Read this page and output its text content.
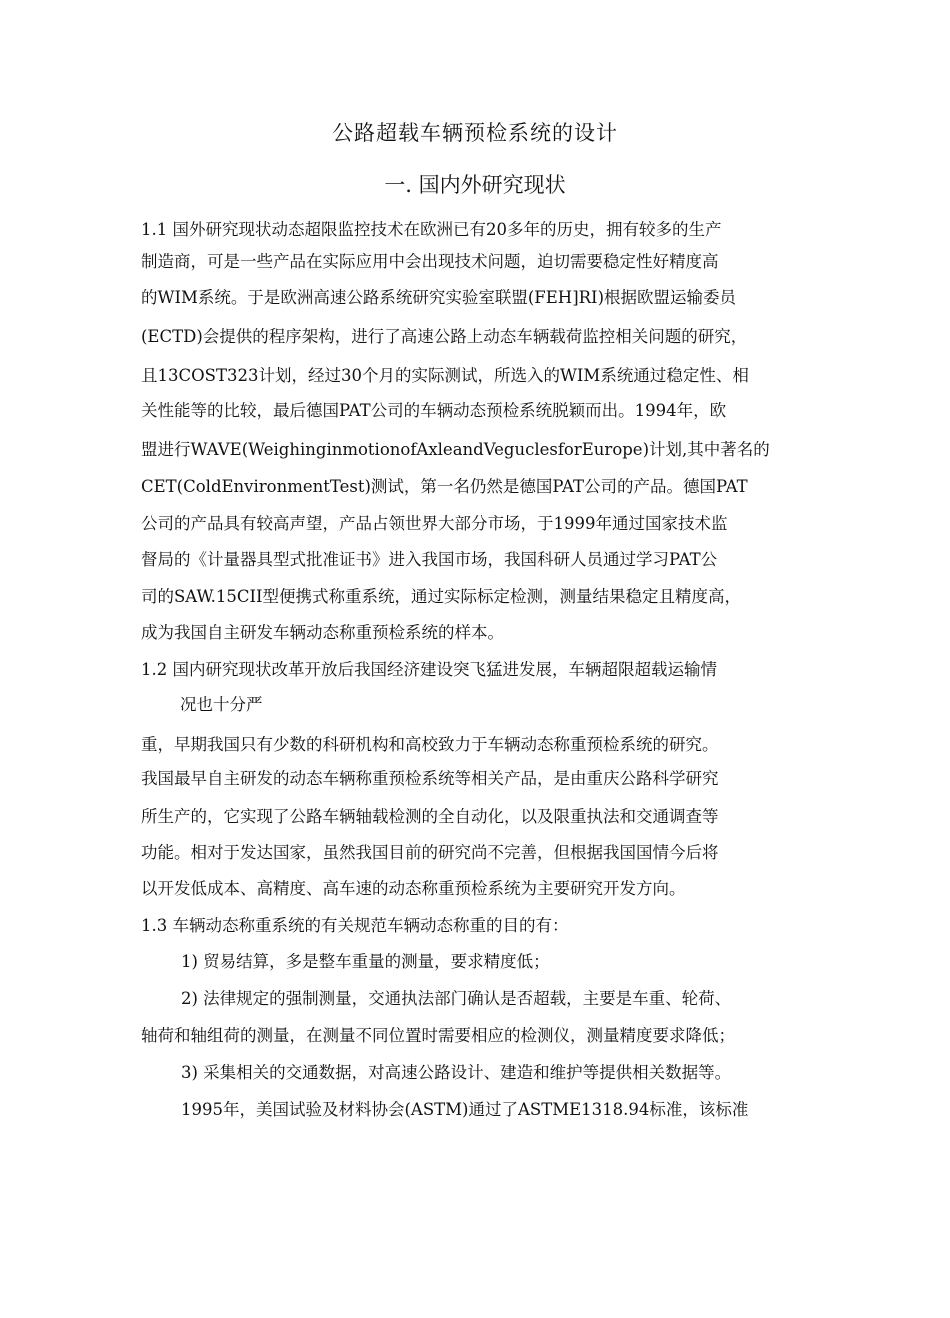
公路超载车辆预检系统的设计
一. 国内外研究现状
1.1 国外研究现状动态超限监控技术在欧洲已有20多年的历史，拥有较多的生产
制造商，可是一些产品在实际应用中会出现技术问题，迫切需要稳定性好精度高
的WIM系统。于是欧洲高速公路系统研究实验室联盟(FEH]RI)根据欧盟运输委员
(ECTD)会提供的程序架构，进行了高速公路上动态车辆载荷监控相关问题的研究，
且13COST323计划，经过30个月的实际测试，所选入的WIM系统通过稳定性、相
关性能等的比较，最后德国PAT公司的车辆动态预检系统脱颖而出。1994年，欧
盟进行WAVE(WeighinginmotionofAxleandVeguclesforEurope)计划,其中著名的
CET(ColdEnvironmentTest)测试，第一名仍然是德国PAT公司的产品。德国PAT
公司的产品具有较高声望，产品占领世界大部分市场，于1999年通过国家技术监
督局的《计量器具型式批准证书》进入我国市场，我国科研人员通过学习PAT公
司的SAW.15CII型便携式称重系统，通过实际标定检测，测量结果稳定且精度高，
成为我国自主研发车辆动态称重预检系统的样本。
1.2 国内研究现状改革开放后我国经济建设突飞猛进发展，车辆超限超载运输情
况也十分严
重，早期我国只有少数的科研机构和高校致力于车辆动态称重预检系统的研究。
我国最早自主研发的动态车辆称重预检系统等相关产品，是由重庆公路科学研究
所生产的，它实现了公路车辆轴载检测的全自动化，以及限重执法和交通调查等
功能。相对于发达国家，虽然我国目前的研究尚不完善，但根据我国国情今后将
以开发低成本、高精度、高车速的动态称重预检系统为主要研究开发方向。
1.3 车辆动态称重系统的有关规范车辆动态称重的目的有：
1) 贸易结算，多是整车重量的测量，要求精度低；
2) 法律规定的强制测量，交通执法部门确认是否超载，主要是车重、轮荷、
轴荷和轴组荷的测量，在测量不同位置时需要相应的检测仪，测量精度要求降低；
3) 采集相关的交通数据，对高速公路设计、建造和维护等提供相关数据等。
1995年，美国试验及材料协会(ASTM)通过了ASTME1318.94标准，该标准
